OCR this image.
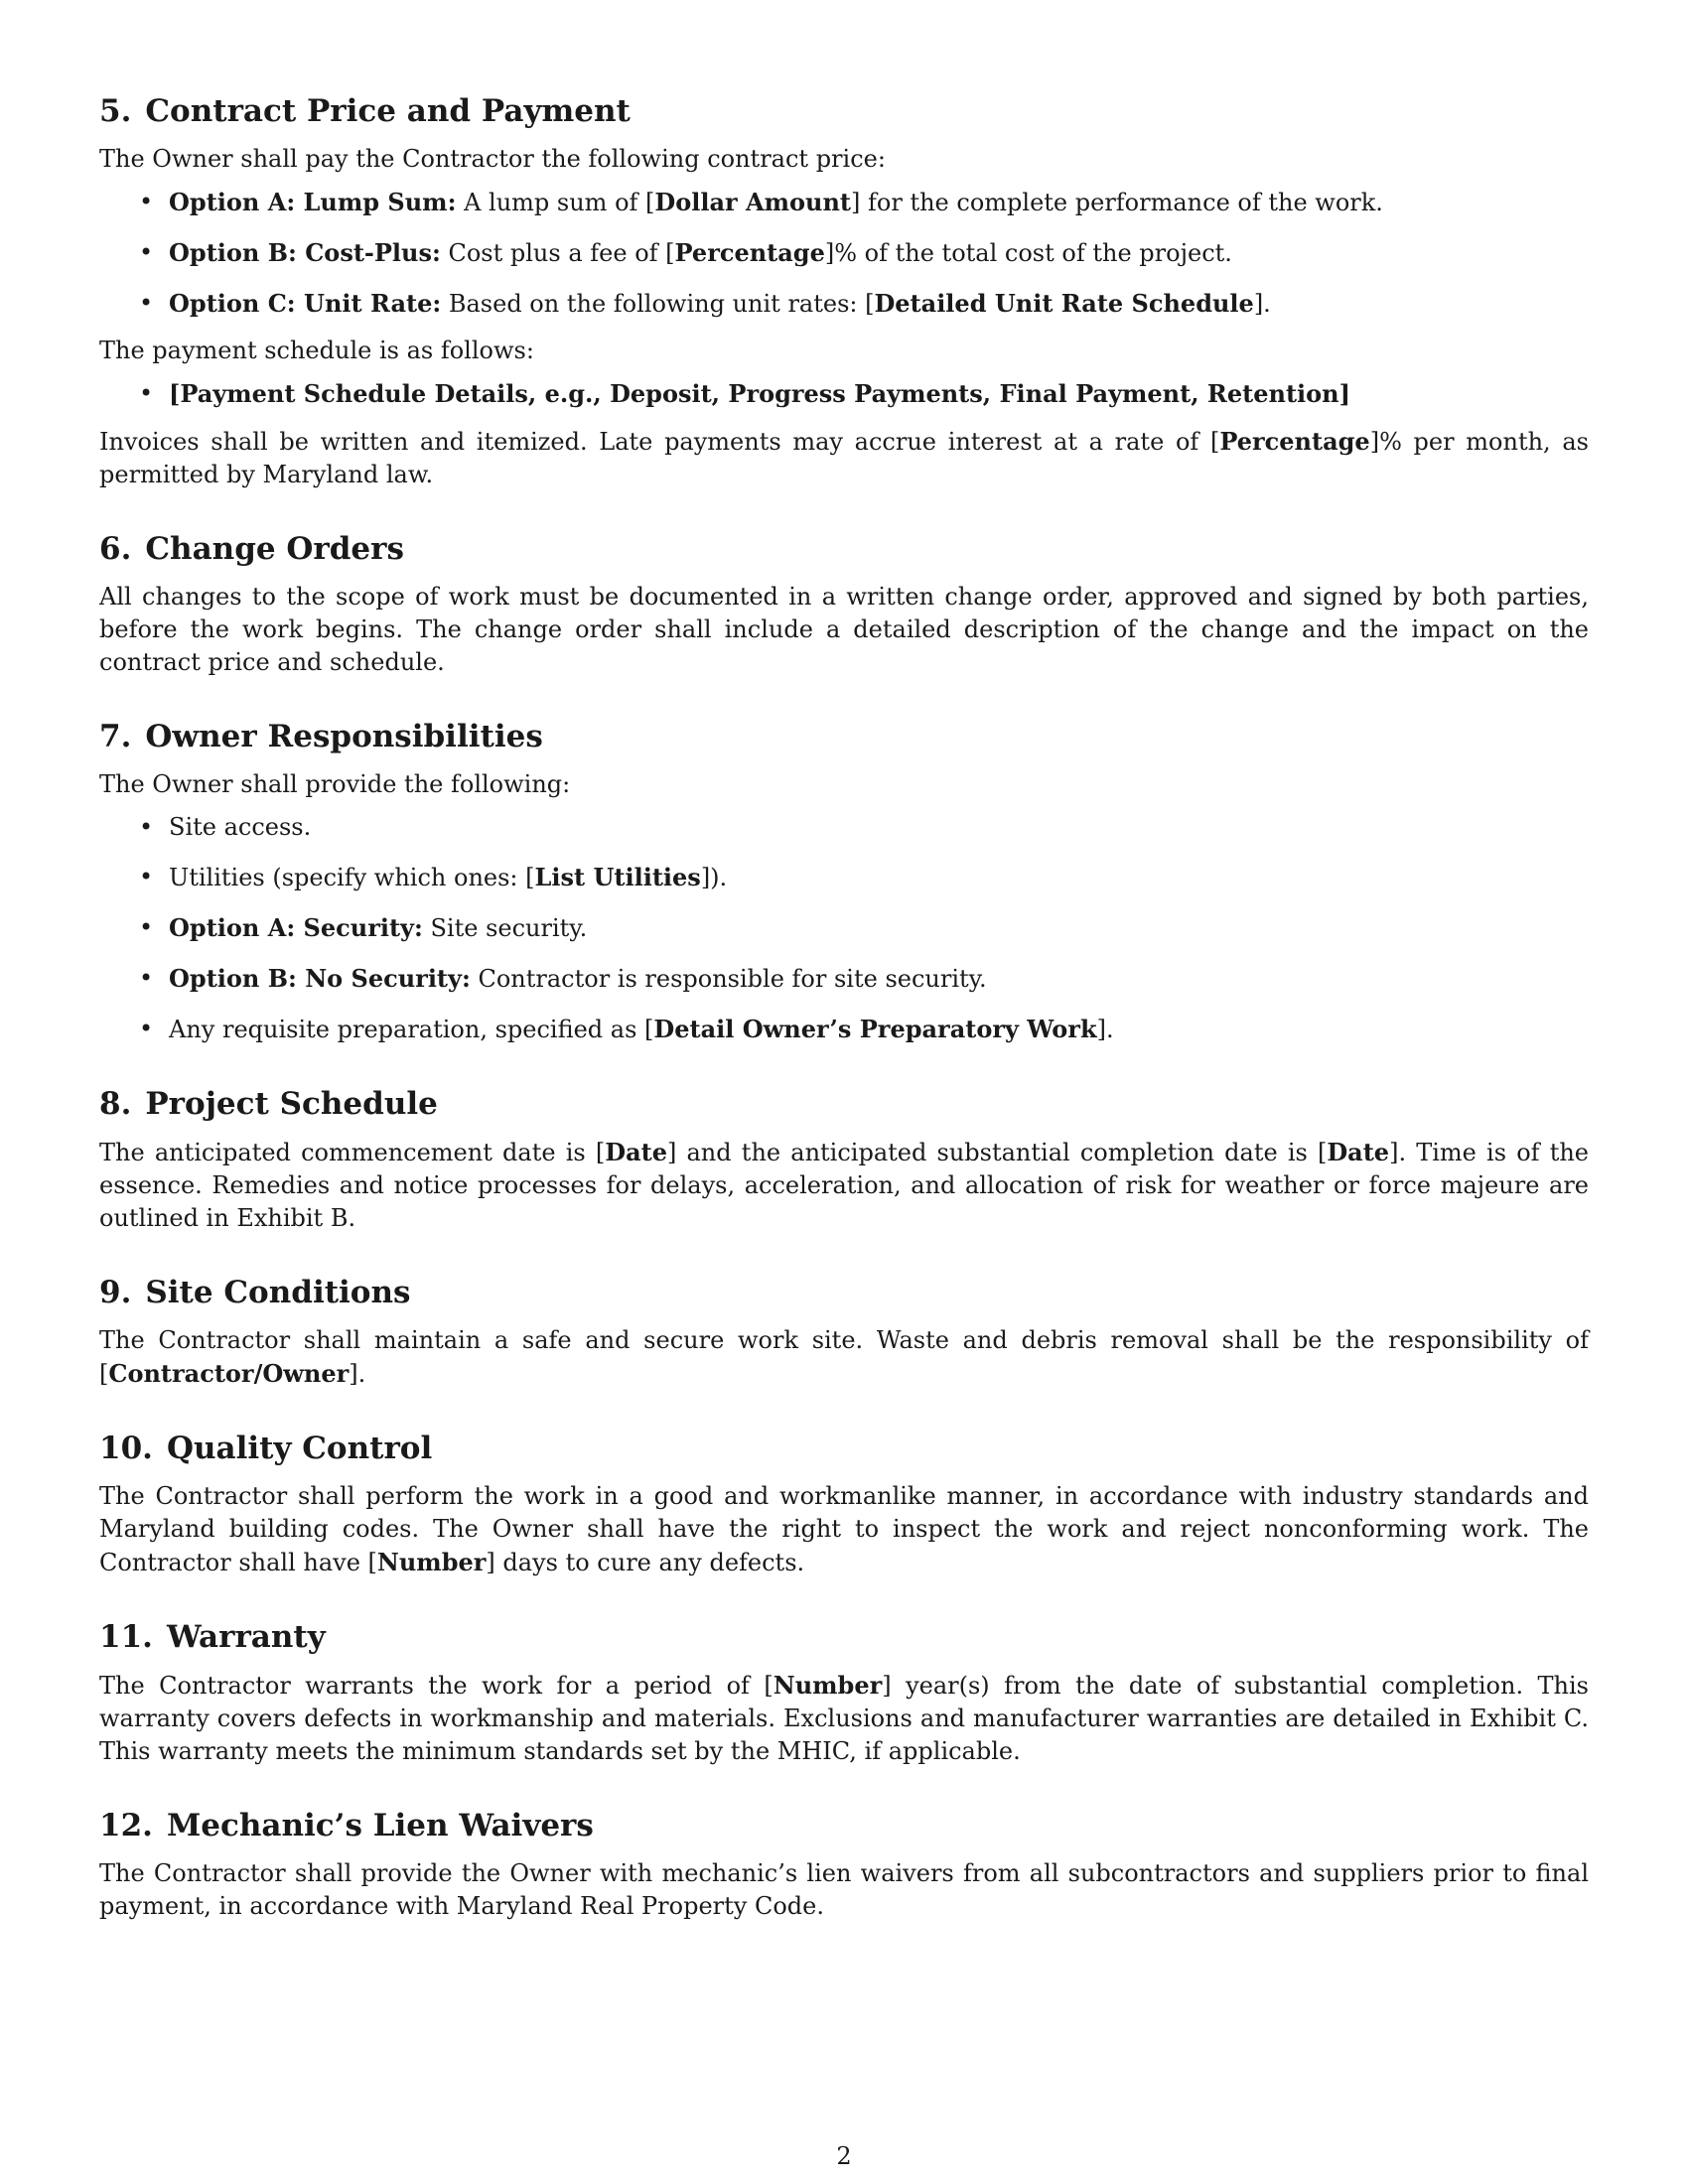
5. Contract Price and Payment

The Owner shall pay the Contractor the following contract price:

• Option A: Lump Sum: A lump sum of [Dollar Amount] for the complete performance of the work.
• Option B: Cost-Plus: Cost plus a fee of [Percentage]% of the total cost of the project.
• Option C: Unit Rate: Based on the following unit rates: [Detailed Unit Rate Schedule].

The payment schedule is as follows:

• [Payment Schedule Details, e.g., Deposit, Progress Payments, Final Payment, Retention]

Invoices shall be written and itemized. Late payments may accrue interest at a rate of [Percentage]% per month, as permitted by Maryland law.

6. Change Orders

All changes to the scope of work must be documented in a written change order, approved and signed by both parties, before the work begins. The change order shall include a detailed description of the change and the impact on the contract price and schedule.

7. Owner Responsibilities

The Owner shall provide the following:

• Site access.
• Utilities (specify which ones: [List Utilities]).
• Option A: Security: Site security.
• Option B: No Security: Contractor is responsible for site security.
• Any requisite preparation, specified as [Detail Owner’s Preparatory Work].
8. Project Schedule

The anticipated commencement date is [Date] and the anticipated substantial completion date is [Date]. Time is of the essence. Remedies and notice processes for delays, acceleration, and allocation of risk for weather or force majeure are outlined in Exhibit B.

9. Site Conditions

The Contractor shall maintain a safe and secure work site. Waste and debris removal shall be the responsibility of [Contractor/Owner].

10. Quality Control

The Contractor shall perform the work in a good and workmanlike manner, in accordance with industry standards and Maryland building codes. The Owner shall have the right to inspect the work and reject nonconforming work. The Contractor shall have [Number] days to cure any defects.

11. Warranty

The Contractor warrants the work for a period of [Number] year(s) from the date of substantial completion. This warranty covers defects in workmanship and materials. Exclusions and manufacturer warranties are detailed in Exhibit C. This warranty meets the minimum standards set by the MHIC, if applicable.

12. Mechanic’s Lien Waivers

The Contractor shall provide the Owner with mechanic’s lien waivers from all subcontractors and suppliers prior to final payment, in accordance with Maryland Real Property Code.

2
